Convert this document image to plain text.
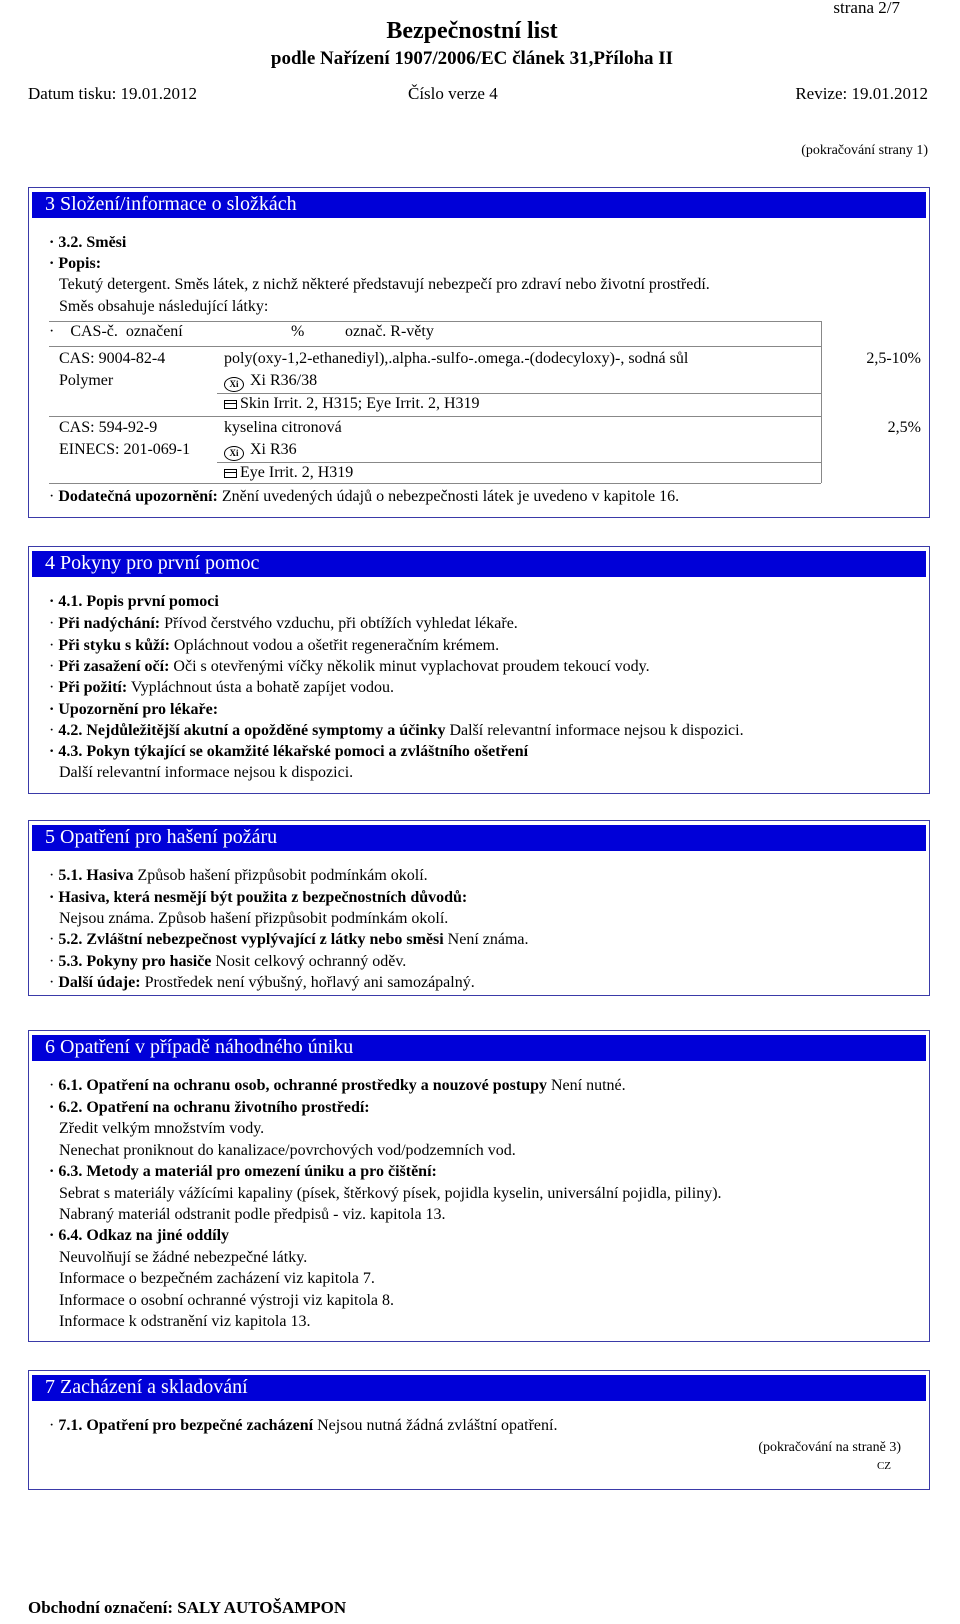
strana 2/7
Bezpečnostní list
podle Nařízení 1907/2006/EC článek 31,Příloha II
Datum tisku: 19.01.2012	Číslo verze 4	Revize: 19.01.2012
(pokračování strany 1)
3 Složení/informace o složkách
· 3.2. Směsi
· Popis:
Tekutý detergent. Směs látek, z nichž některé představují nebezpečí pro zdraví nebo životní prostředí.
Směs obsahuje následující látky:
·    CAS-č. označení	%	označ. R-věty
CAS: 9004-82-4
Polymer
poly(oxy-1,2-ethanediyl),.alpha.-sulfo-.omega.-(dodecyloxy)-, sodná sůl	2,5-10%
Xi Xi R36/38
Skin Irrit. 2, H315; Eye Irrit. 2, H319
CAS: 594-92-9
EINECS: 201-069-1
kyselina citronová	2,5%
Xi Xi R36
Eye Irrit. 2, H319
· Dodatečná upozornění: Znění uvedených údajů o nebezpečnosti látek je uvedeno v kapitole 16.
4 Pokyny pro první pomoc
· 4.1. Popis první pomoci
· Při nadýchání: Přívod čerstvého vzduchu, při obtížích vyhledat lékaře.
· Při styku s kůží: Opláchnout vodou a ošetřit regeneračním krémem.
· Při zasažení očí: Oči s otevřenými víčky několik minut vyplachovat proudem tekoucí vody.
· Při požití: Vypláchnout ústa a bohatě zapíjet vodou.
· Upozornění pro lékaře:
· 4.2. Nejdůležitější akutní a opožděné symptomy a účinky Další relevantní informace nejsou k dispozici.
· 4.3. Pokyn týkající se okamžité lékařské pomoci a zvláštního ošetření
Další relevantní informace nejsou k dispozici.
5 Opatření pro hašení požáru
· 5.1. Hasiva Způsob hašení přizpůsobit podmínkám okolí.
· Hasiva, která nesmějí být použita z bezpečnostních důvodů:
Nejsou známa. Způsob hašení přizpůsobit podmínkám okolí.
· 5.2. Zvláštní nebezpečnost vyplývající z látky nebo směsi Není známa.
· 5.3. Pokyny pro hasiče Nosit celkový ochranný oděv.
· Další údaje: Prostředek není výbušný, hořlavý ani samozápalný.
6 Opatření v případě náhodného úniku
· 6.1. Opatření na ochranu osob, ochranné prostředky a nouzové postupy Není nutné.
· 6.2. Opatření na ochranu životního prostředí:
Zředit velkým množstvím vody.
Nenechat proniknout do kanalizace/povrchových vod/podzemních vod.
· 6.3. Metody a materiál pro omezení úniku a pro čištění:
Sebrat s materiály vážícími kapaliny (písek, štěrkový písek, pojidla kyselin, universální pojidla, piliny).
Nabraný materiál odstranit podle předpisů - viz. kapitola 13.
· 6.4. Odkaz na jiné oddíly
Neuvolňují se žádné nebezpečné látky.
Informace o bezpečném zacházení viz kapitola 7.
Informace o osobní ochranné výstroji viz kapitola 8.
Informace k odstranění viz kapitola 13.
7 Zacházení a skladování
· 7.1. Opatření pro bezpečné zacházení Nejsou nutná žádná zvláštní opatření.
(pokračování na straně 3)
CZ
Obchodní označení: SALY AUTOŠAMPON
